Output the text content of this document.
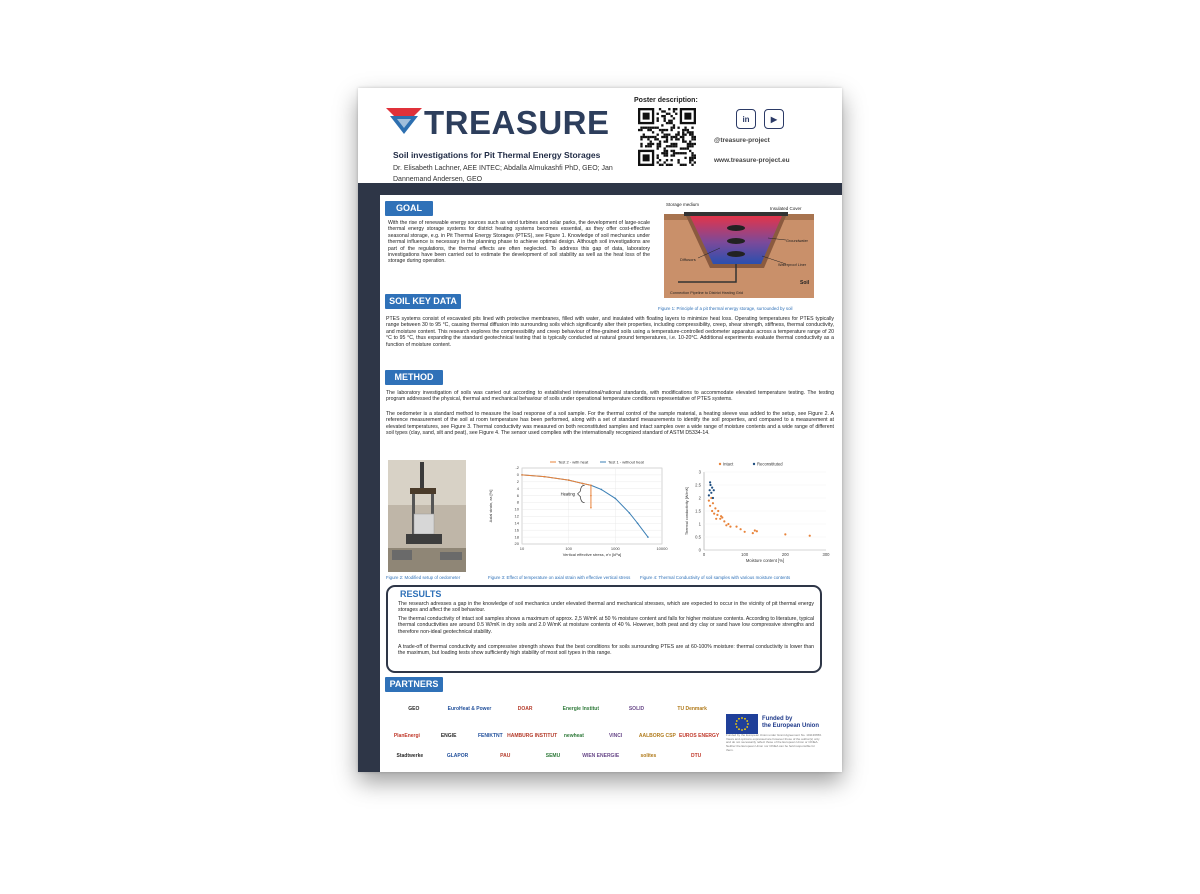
TREASURE
Soil investigations for Pit Thermal Energy Storages
Dr. Elisabeth Lachner, AEE INTEC; Abdalla Almukashfi PhD, GEO; Jan Dannemand Andersen, GEO
Poster description:
in	▶
@treasure-project
www.treasure-project.eu
GOAL
With the rise of renewable energy sources such as wind turbines and solar parks, the development of large-scale thermal energy storage systems for district heating systems becomes essential, as they offer cost-effective seasonal storage, e.g. in Pit Thermal Energy Storages (PTES), see Figure 1. Knowledge of soil mechanics under thermal influence is necessary in the planning phase to achieve optimal design. Although soil investigations are part of the regulations, the thermal effects are often neglected. To address this gap of data, laboratory investigations have been carried out to estimate the development of soil stability as well as the heat loss of the storage during operation.
Storage medium
Insulated Cover
Groundwater
Diffusors
Waterproof Liner
Soil
Connection Pipeline to District Heating Grid
Figure 1: Principle of a pit thermal energy storage, surrounded by soil
SOIL KEY DATA
PTES systems consist of excavated pits lined with protective membranes, filled with water, and insulated with floating layers to minimize heat loss. Operating temperatures for PTES typically range between 30 to 95 °C, causing thermal diffusion into surrounding soils which significantly alter their properties, including compressibility, creep, shear strength, stiffness, thermal conductivity, and moisture content. This research explores the compressibility and creep behaviour of fine-grained soils using a temperature-controlled oedometer apparatus across a temperature range of 20 °C to 95 °C, thus expanding the standard geotechnical testing that is typically conducted at natural ground temperatures, i.e. 10-20°C. Additional experiments evaluate thermal conductivity as a function of moisture content.
METHOD
The laboratory investigation of soils was carried out according to established international/national standards, with modifications to accommodate elevated temperature testing. The testing program addressed the physical, thermal and mechanical behaviour of soils under operational temperature conditions representative of PTES systems.
The oedometer is a standard method to measure the load response of a soil sample. For the thermal control of the sample material, a heating sleeve was added to the setup, see Figure 2. A reference measurement of the soil at room temperature has been performed, along with a set of standard measurements to identify the soil properties, and compared to a measurement at elevated temperatures, see Figure 3. Thermal conductivity was measured on both reconstituted samples and intact samples over a wide range of moisture contents and a wide range of different soil types (clay, sand, silt and peat), see Figure 4. The sensor used complies with the internationally recognized standard of ASTM D5334-14.
Figure 2: Modified setup of oedometer
-2
0
2
4
6
8
10
12
14
16
18
20
10	100	1000	10000
Vertical effective stress, σ'v [kPa]
Axial strain, εa [%]
Test 2 - with heat	Test 1 - without heat
Heating
Figure 3: Effect of temperature on axial strain with effective vertical stress
0
0.5
1
1.5
2
2.5
3
0	100	200	300
Moisture content [%]
Thermal conductivity [W/mK]
Intact	Reconstituted
Figure 4: Thermal Conductivity of soil samples with various moisture contents
RESULTS
The research adresses a gap in the knowledge of soil mechanics under elevated thermal and mechanical stresses, which are expected to occur in the vicinity of pit thermal energy storages and affect the soil behaviour.
The thermal conductivity of intact soil samples shows a maximum of approx. 2,5 W/mK at 50 % moisture content and falls for higher moisture contents. According to literature, typical thermal conductivities are around 0.5 W/mK in dry soils and 2.0 W/mK at moisture contents of 40 %. However, both peat and dry clay or sand have low compressive strengths and therefore non-ideal geotechnical stability.
A trade-off of thermal conductivity and compressive strength shows that the best conditions for soils surrounding PTES are at 60-100% moisture: thermal conductivity is lower than the maximum, but loading tests show sufficiently high stability of most soil types in this range.
PARTNERS
GEO	EuroHeat & Power	DOAR	Energie Institut	SOLID	TU Denmark
PlanEnergi	ENGIE	FENIKTNT HAMBURG INSTITUT	newheat	VINCI	AALBORG CSP EUROS ENERGY
Stadtwerke	GLAPOR	PAU	SEMU	WIEN ENERGIE	solites	DTU
Funded by
the European Union
Funded by the European Union under Grant Agreement No. 101136656. Views and opinions expressed are however those of the author(s) only and do not necessarily reflect those of the European Union or CINEA. Neither the European Union nor CINEA can be held responsible for them.
